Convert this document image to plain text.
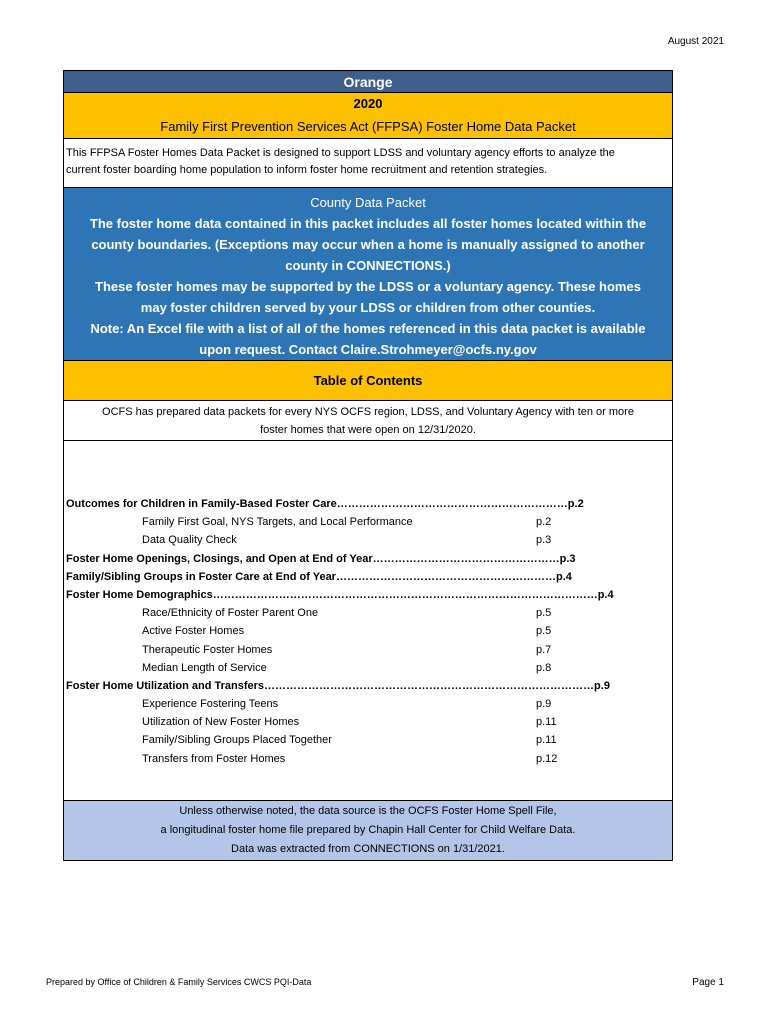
August 2021
Orange
2020
Family First Prevention Services Act (FFPSA) Foster Home Data Packet
This FFPSA Foster Homes Data Packet is designed to support LDSS and voluntary agency efforts to analyze the
current foster boarding home population to inform foster home recruitment and retention strategies.
County Data Packet
The foster home data contained in this packet includes all foster homes located within the
county boundaries. (Exceptions may occur when a home is manually assigned to another
county in CONNECTIONS.)
These foster homes may be supported by the LDSS or a voluntary agency. These homes
may foster children served by your LDSS or children from other counties.
Note: An Excel file with a list of all of the homes referenced in this data packet is available
upon request. Contact Claire.Strohmeyer@ocfs.ny.gov
Table of Contents
OCFS has prepared data packets for every NYS OCFS region, LDSS, and Voluntary Agency with ten or more
foster homes that were open on 12/31/2020.
Outcomes for Children in Family-Based Foster Care ……………………………………………………… p.2
Family First Goal, NYS Targets, and Local Performance	p.2
Data Quality Check	p.3
Foster Home Openings, Closings, and Open at End of Year …………………………………………… p.3
Family/Sibling Groups in Foster Care at End of Year …………………………………………………… p.4
Foster Home Demographics …………………………………………………………………………………………… p.4
Race/Ethnicity of Foster Parent One	p.5
Active Foster Homes	p.5
Therapeutic Foster Homes	p.7
Median Length of Service	p.8
Foster Home Utilization and Transfers ……………………………………………………………………………… p.9
Experience Fostering Teens	p.9
Utilization of New Foster Homes	p.11
Family/Sibling Groups Placed Together	p.11
Transfers from Foster Homes	p.12
Unless otherwise noted, the data source is the OCFS Foster Home Spell File,
a longitudinal foster home file prepared by Chapin Hall Center for Child Welfare Data.
Data was extracted from CONNECTIONS on 1/31/2021.
Prepared by Office of Children & Family Services CWCS PQI-Data	Page 1
